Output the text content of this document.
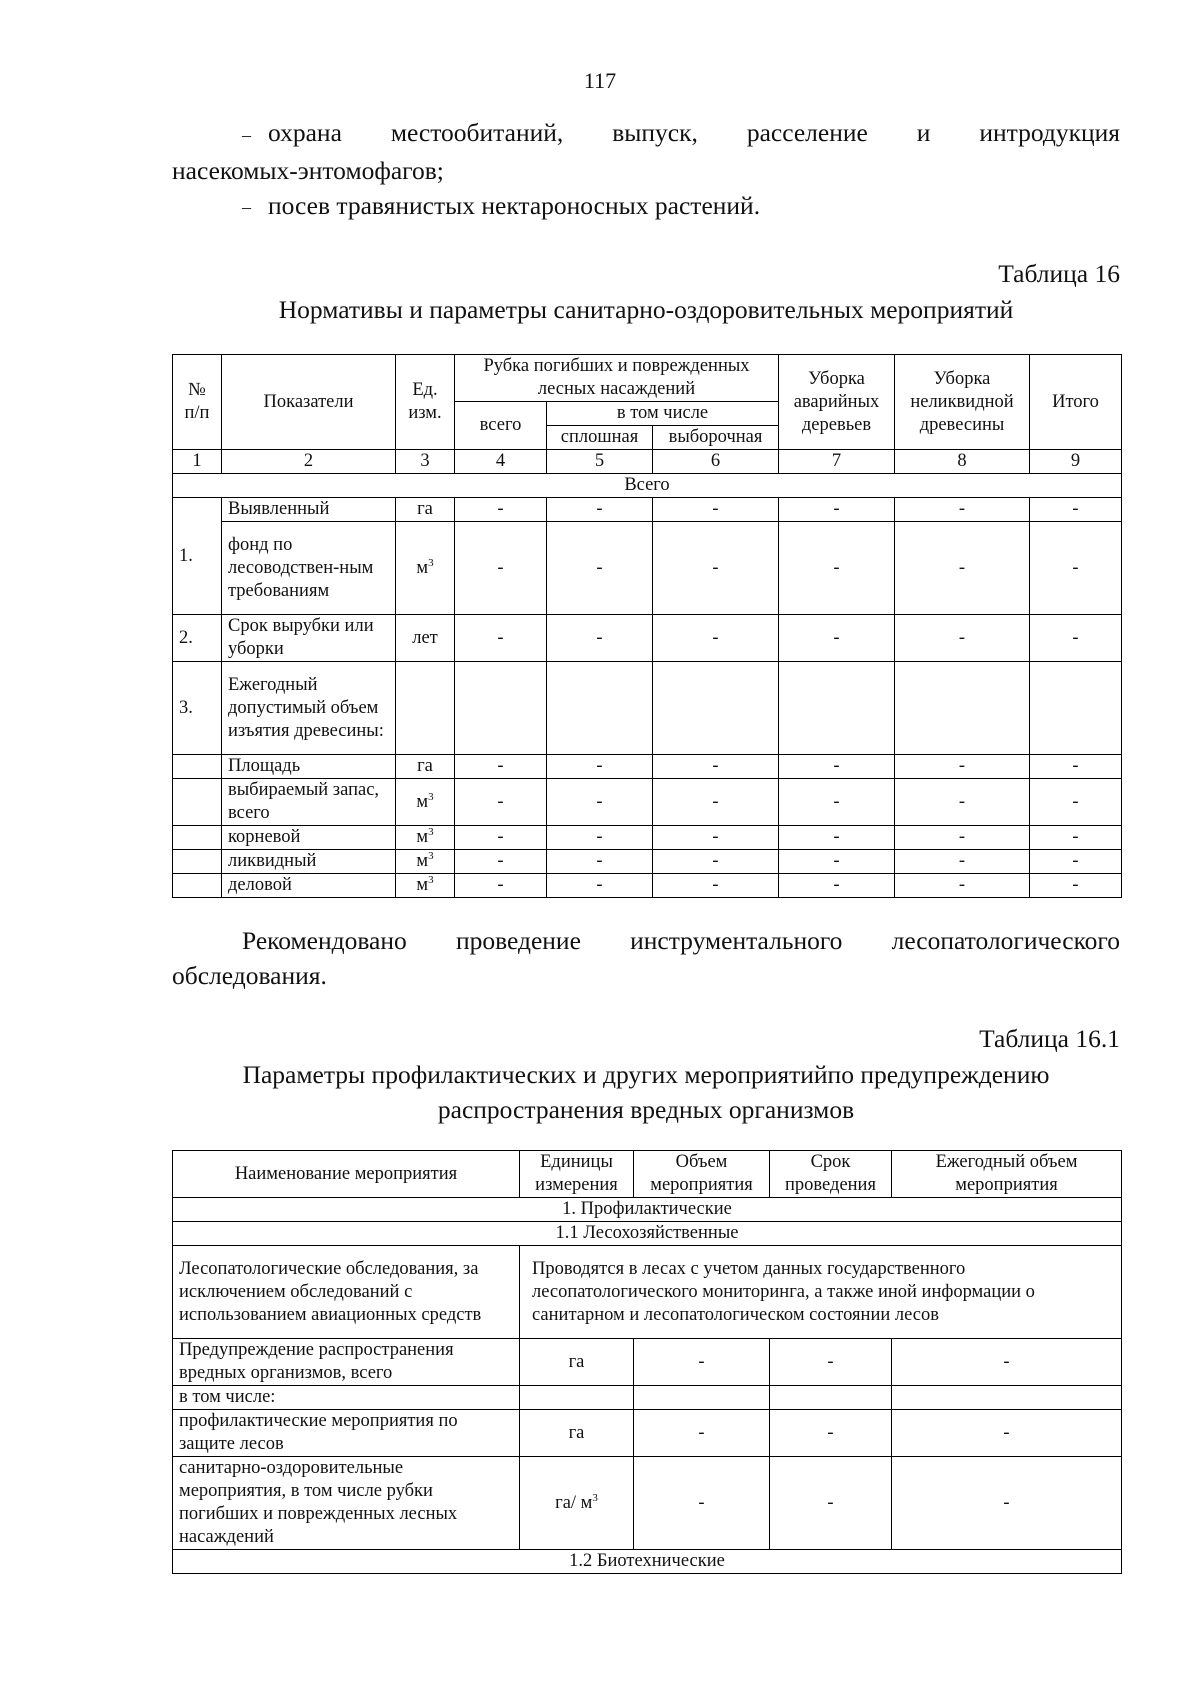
117

– охрана местообитаний, выпуск, расселение и интродукция

насекомых-энтомофагов;

– посев травянистых нектароносных растений.

Таблица 16
Нормативы и параметры санитарно-оздоровительных мероприятий
№ п/п	Показатели	Ед. изм.	Рубка погибших и поврежденных лесных насаждений			Уборка аварийных деревьев	Уборка неликвидной древесины	Итого
			всего	в том числе				
				сплошная	выборочная			
1	2	3	4	5	6	7	8	9
Всего								
1.	Выявленный	га	-	-	-	-	-	-
	фонд по лесоводствен-ным требованиям	$м^3$	-	-	-	-	-	-
2.	Срок вырубки или уборки	лет	-	-	-	-	-	-
3.	Ежегодный допустимый объем изъятия древесины:							
	Площадь	га	-	-	-	-	-	-
	выбираемый запас, всего	$м^3$	-	-	-	-	-	-
	корневой	$м^3$	-	-	-	-	-	-
	ликвидный	$м^3$	-	-	-	-	-	-
	деловой	$м^3$	-	-	-	-	-	-

Рекомендовано проведение инструментального лесопатологического

обследования.

Таблица 16.1
Параметры профилактических и других мероприятийпо предупреждению
распространения вредных организмов
Наименование мероприятия	Единицы измерения	Объем мероприятия	Срок проведения	Ежегодный объем мероприятия
1. Профилактические				
1.1 Лесохозяйственные				
Лесопатологические обследования, за исключением обследований с использованием авиационных средств	Проводятся в лесах с учетом данных государственного лесопатологического мониторинга, а также иной информации о санитарном и лесопатологическом состоянии лесов			
Предупреждение распространения вредных организмов, всего	га	-	-	-
в том числе:				
профилактические мероприятия по защите лесов	га	-	-	-
санитарно-оздоровительные мероприятия, в том числе рубки погибших и поврежденных лесных насаждений	га/ $м^3$	-	-	-
1.2 Биотехнические				
